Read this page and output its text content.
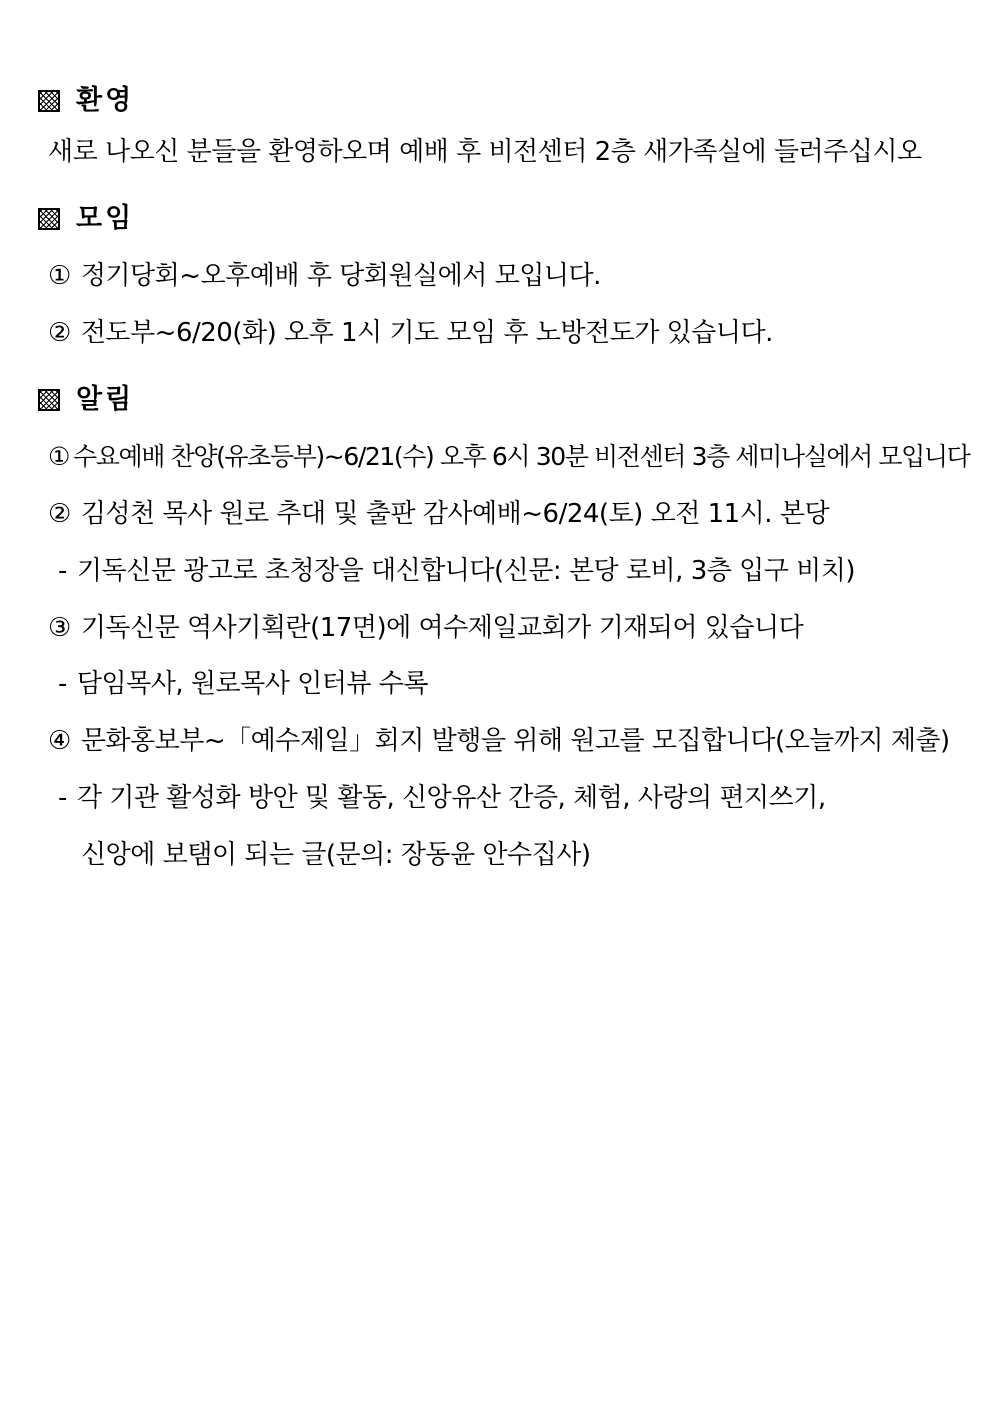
환영
새로 나오신 분들을 환영하오며 예배 후 비전센터 2층 새가족실에 들러주십시오
모임
① 정기당회~오후예배 후 당회원실에서 모입니다.
② 전도부~6/20(화) 오후 1시 기도 모임 후 노방전도가 있습니다.
알림
① 수요예배 찬양(유초등부)~6/21(수) 오후 6시 30분 비전센터 3층 세미나실에서 모입니다
② 김성천 목사 원로 추대 및 출판 감사예배~6/24(토) 오전 11시. 본당
- 기독신문 광고로 초청장을 대신합니다(신문: 본당 로비, 3층 입구 비치)
③ 기독신문 역사기획란(17면)에 여수제일교회가 기재되어 있습니다
- 담임목사, 원로목사 인터뷰 수록
④ 문화홍보부~「예수제일」회지 발행을 위해 원고를 모집합니다(오늘까지 제출)
- 각 기관 활성화 방안 및 활동, 신앙유산 간증, 체험, 사랑의 편지쓰기,
신앙에 보탬이 되는 글(문의: 장동윤 안수집사)
